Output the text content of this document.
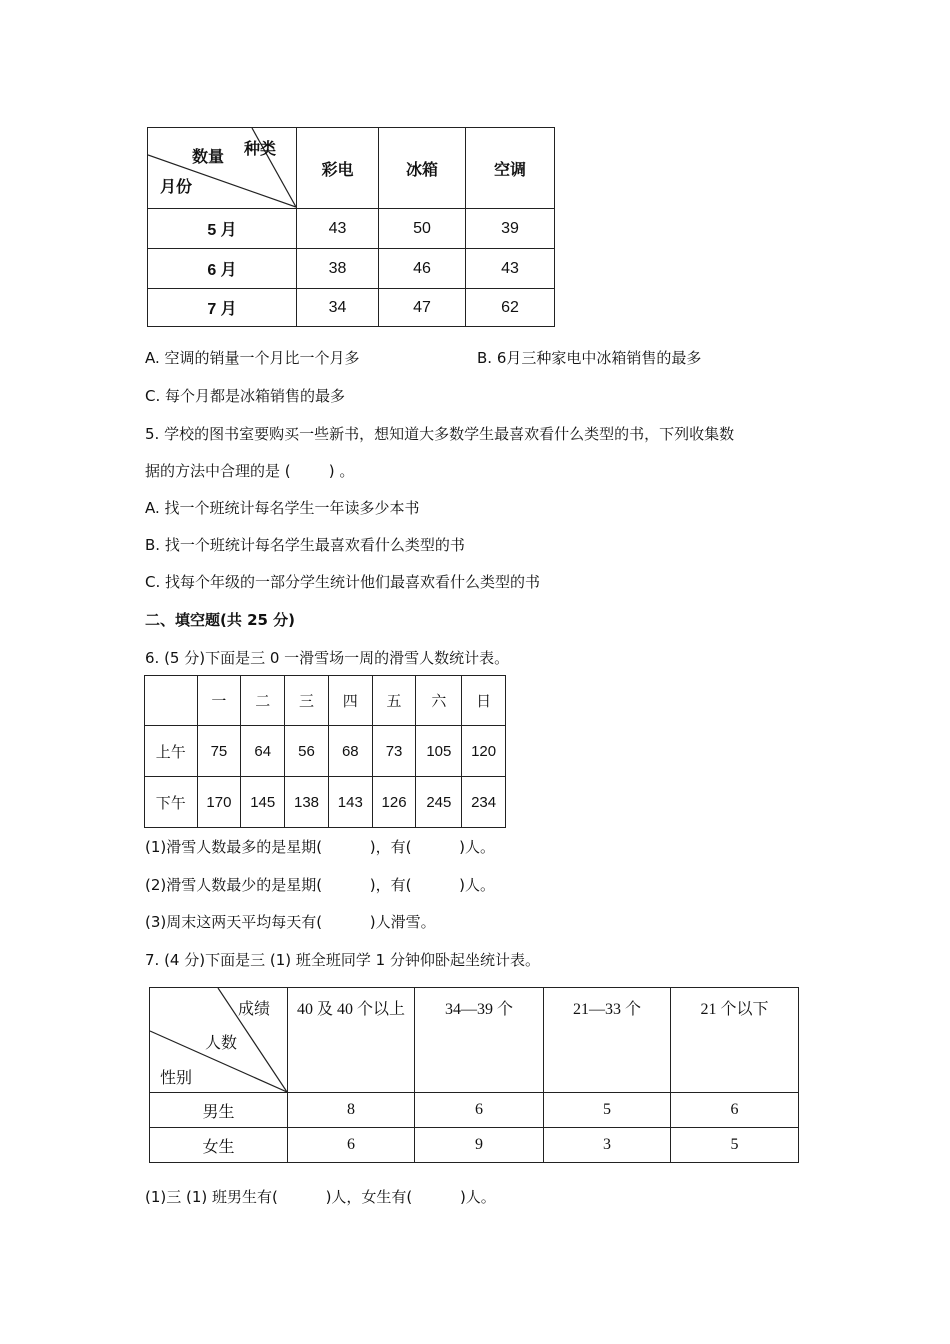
种类
数量
月份	彩电	冰箱	空调
5 月	43	50	39
6 月	38	46	43
7 月	34	47	62
A. 空调的销量一个月比一个月多	B. 6月三种家电中冰箱销售的最多
C. 每个月都是冰箱销售的最多
5. 学校的图书室要购买一些新书，想知道大多数学生最喜欢看什么类型的书，下列收集数
据的方法中合理的是 (        ) 。
A. 找一个班统计每名学生一年读多少本书
B. 找一个班统计每名学生最喜欢看什么类型的书
C. 找每个年级的一部分学生统计他们最喜欢看什么类型的书
二、填空题(共 25 分)
6. (5 分)下面是三 0 一滑雪场一周的滑雪人数统计表。
	一	二	三	四	五	六	日
上午	75	64	56	68	73	105	120
下午	170	145	138	143	126	245	234
(1)滑雪人数最多的是星期(          )，有(          )人。
(2)滑雪人数最少的是星期(          )，有(          )人。
(3)周末这两天平均每天有(          )人滑雪。
7. (4 分)下面是三 (1) 班全班同学 1 分钟仰卧起坐统计表。
成绩
人数
性别	40 及 40 个以上	34—39 个	21—33 个	21 个以下
男生	8	6	5	6
女生	6	9	3	5
(1)三 (1) 班男生有(          )人，女生有(          )人。
